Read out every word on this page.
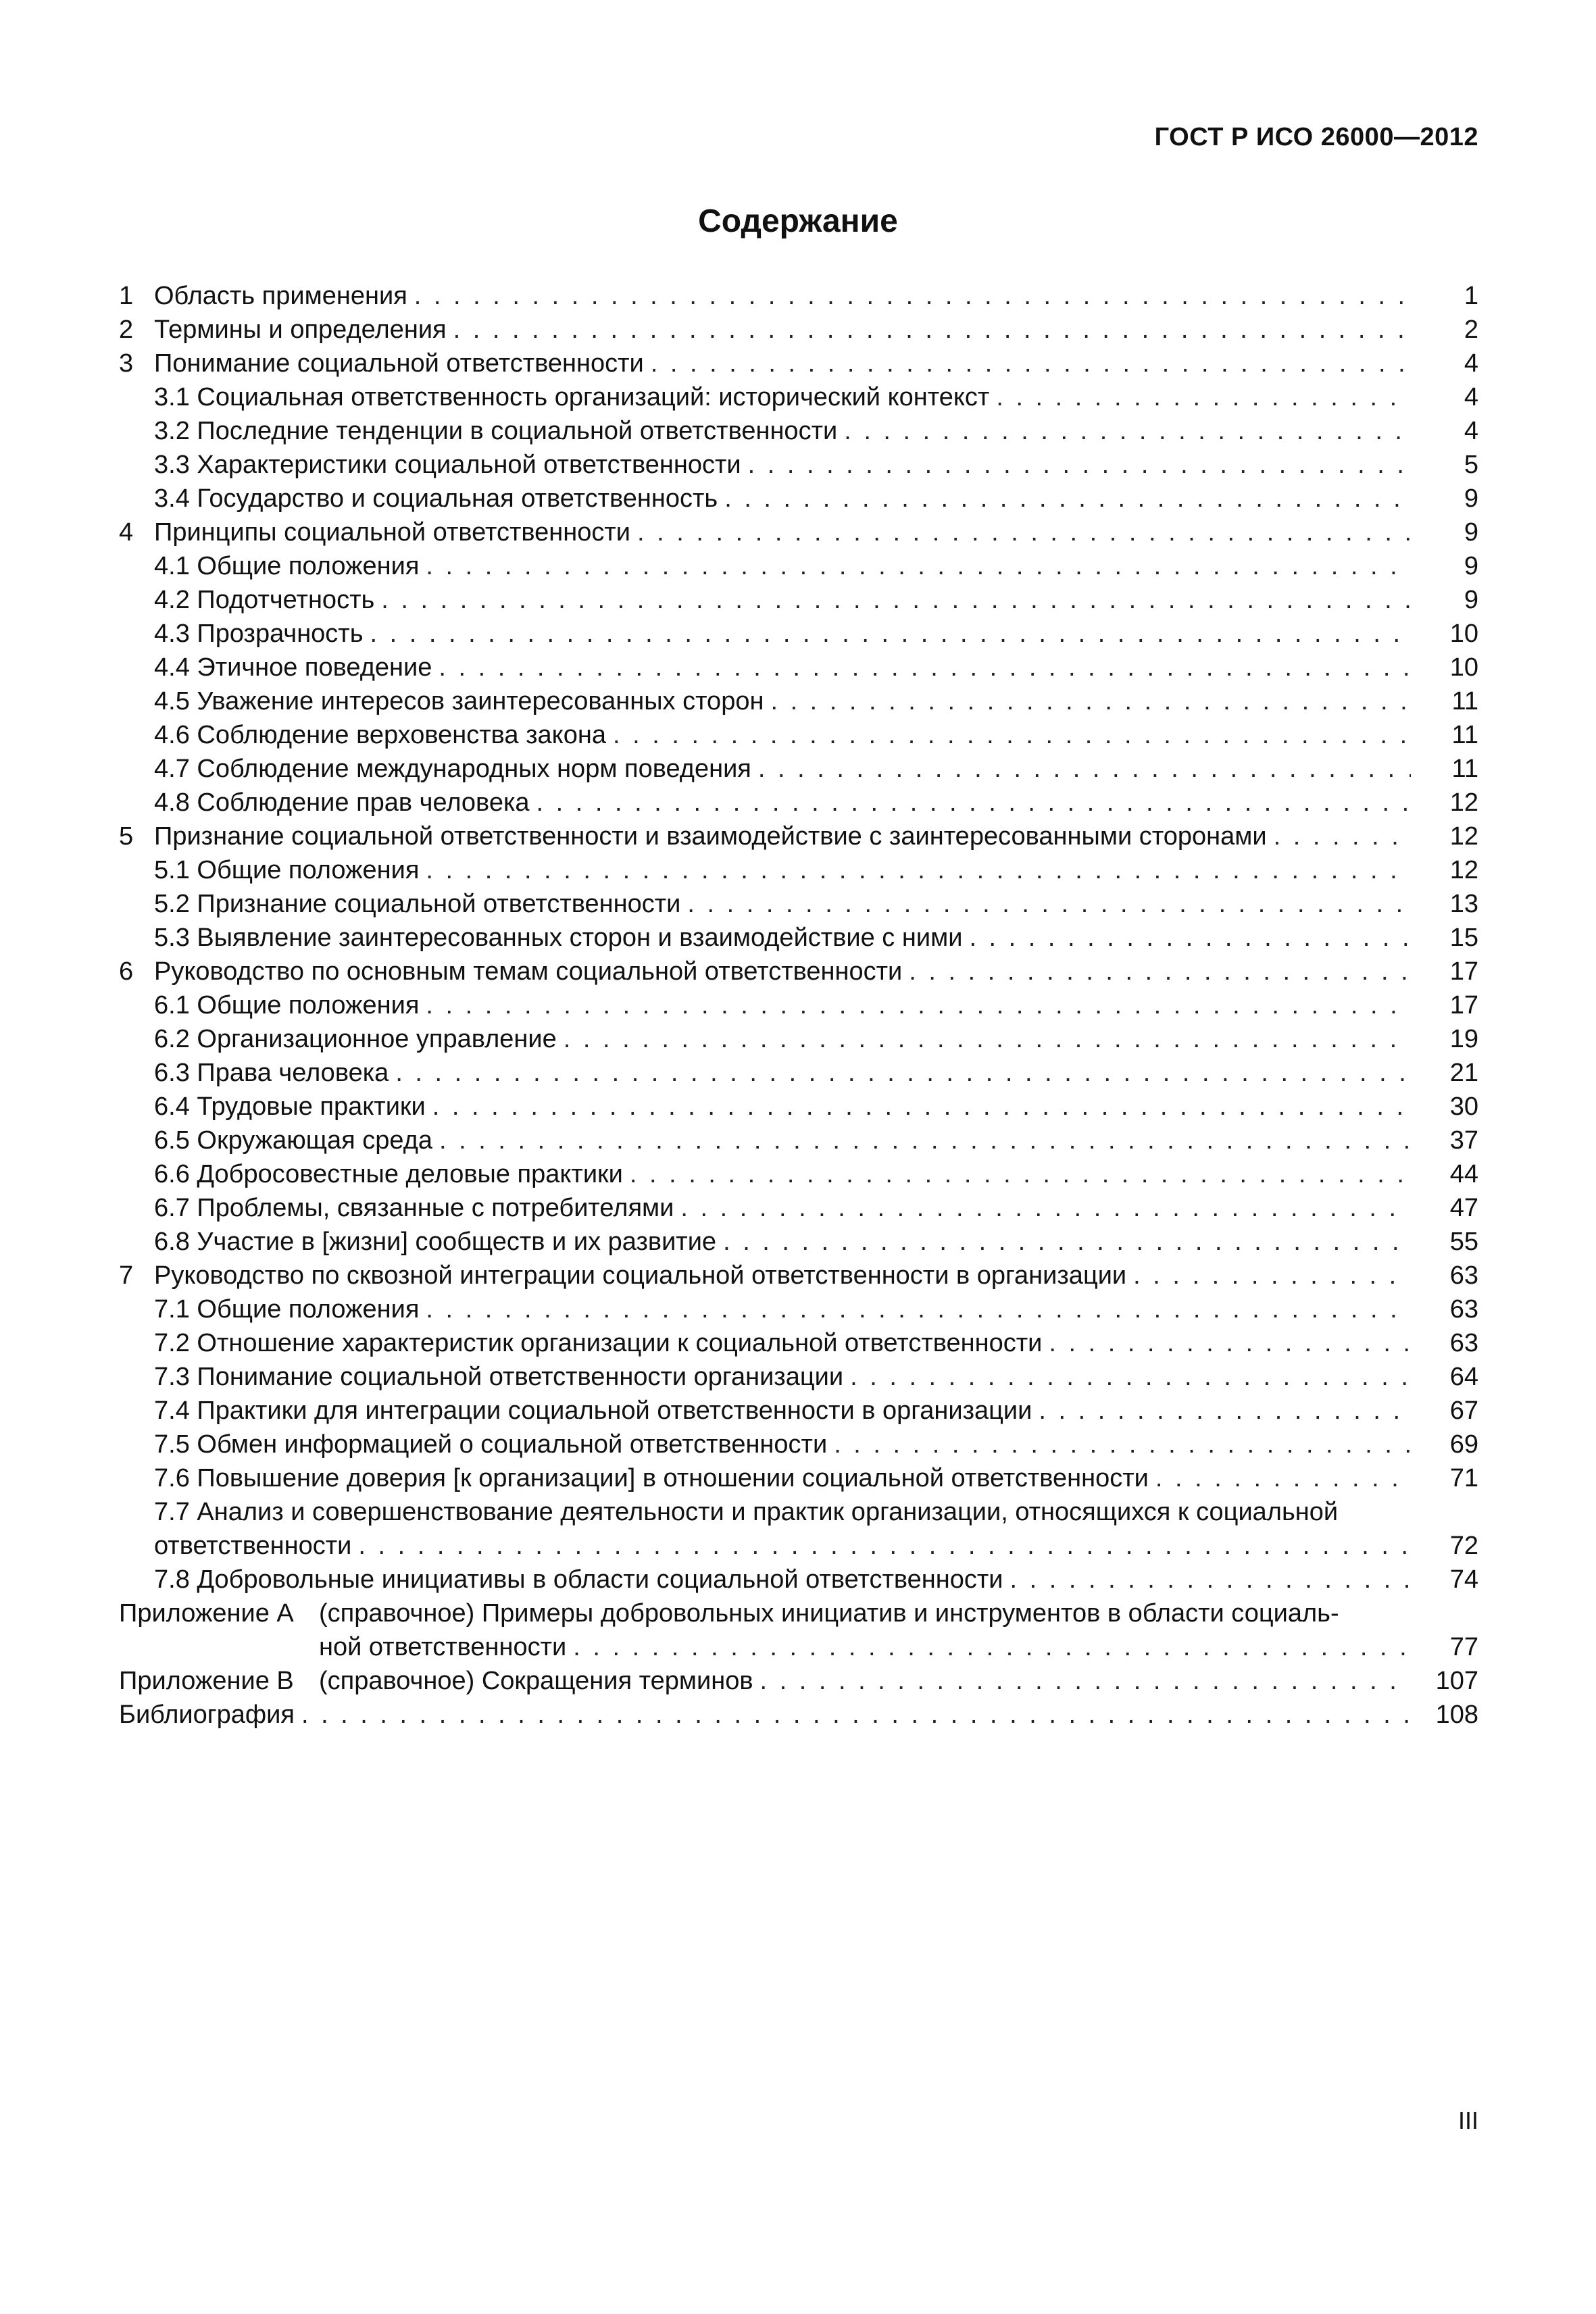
ГОСТ Р ИСО 26000—2012
Содержание
1 Область применения . . .	1
2 Термины и определения . . .	2
3 Понимание социальной ответственности . . .	4
3.1 Социальная ответственность организаций: исторический контекст . . .	4
3.2 Последние тенденции в социальной ответственности . . .	4
3.3 Характеристики социальной ответственности . . .	5
3.4 Государство и социальная ответственность . . .	9
4 Принципы социальной ответственности . . .	9
4.1 Общие положения . . .	9
4.2 Подотчетность . . .	9
4.3 Прозрачность . . .	10
4.4 Этичное поведение . . .	10
4.5 Уважение интересов заинтересованных сторон . . .	11
4.6 Соблюдение верховенства закона . . .	11
4.7 Соблюдение международных норм поведения . . .	11
4.8 Соблюдение прав человека . . .	12
5 Признание социальной ответственности и взаимодействие с заинтересованными сторонами . . .	12
5.1 Общие положения . . .	12
5.2 Признание социальной ответственности . . .	13
5.3 Выявление заинтересованных сторон и взаимодействие с ними . . .	15
6 Руководство по основным темам социальной ответственности . . .	17
6.1 Общие положения . . .	17
6.2 Организационное управление . . .	19
6.3 Права человека . . .	21
6.4 Трудовые практики . . .	30
6.5 Окружающая среда . . .	37
6.6 Добросовестные деловые практики . . .	44
6.7 Проблемы, связанные с потребителями . . .	47
6.8 Участие в [жизни] сообществ и их развитие . . .	55
7 Руководство по сквозной интеграции социальной ответственности в организации . . .	63
7.1 Общие положения . . .	63
7.2 Отношение характеристик организации к социальной ответственности . . .	63
7.3 Понимание социальной ответственности организации . . .	64
7.4 Практики для интеграции социальной ответственности в организации . . .	67
7.5 Обмен информацией о социальной ответственности . . .	69
7.6 Повышение доверия [к организации] в отношении социальной ответственности . . .	71
7.7 Анализ и совершенствование деятельности и практик организации, относящихся к социальной
ответственности . . .	72
7.8 Добровольные инициативы в области социальной ответственности . . .	74
Приложение А (справочное) Примеры добровольных инициатив и инструментов в области социаль-
ной ответственности . . .	77
Приложение В (справочное) Сокращения терминов . . .	107
Библиография . . .	108
III
